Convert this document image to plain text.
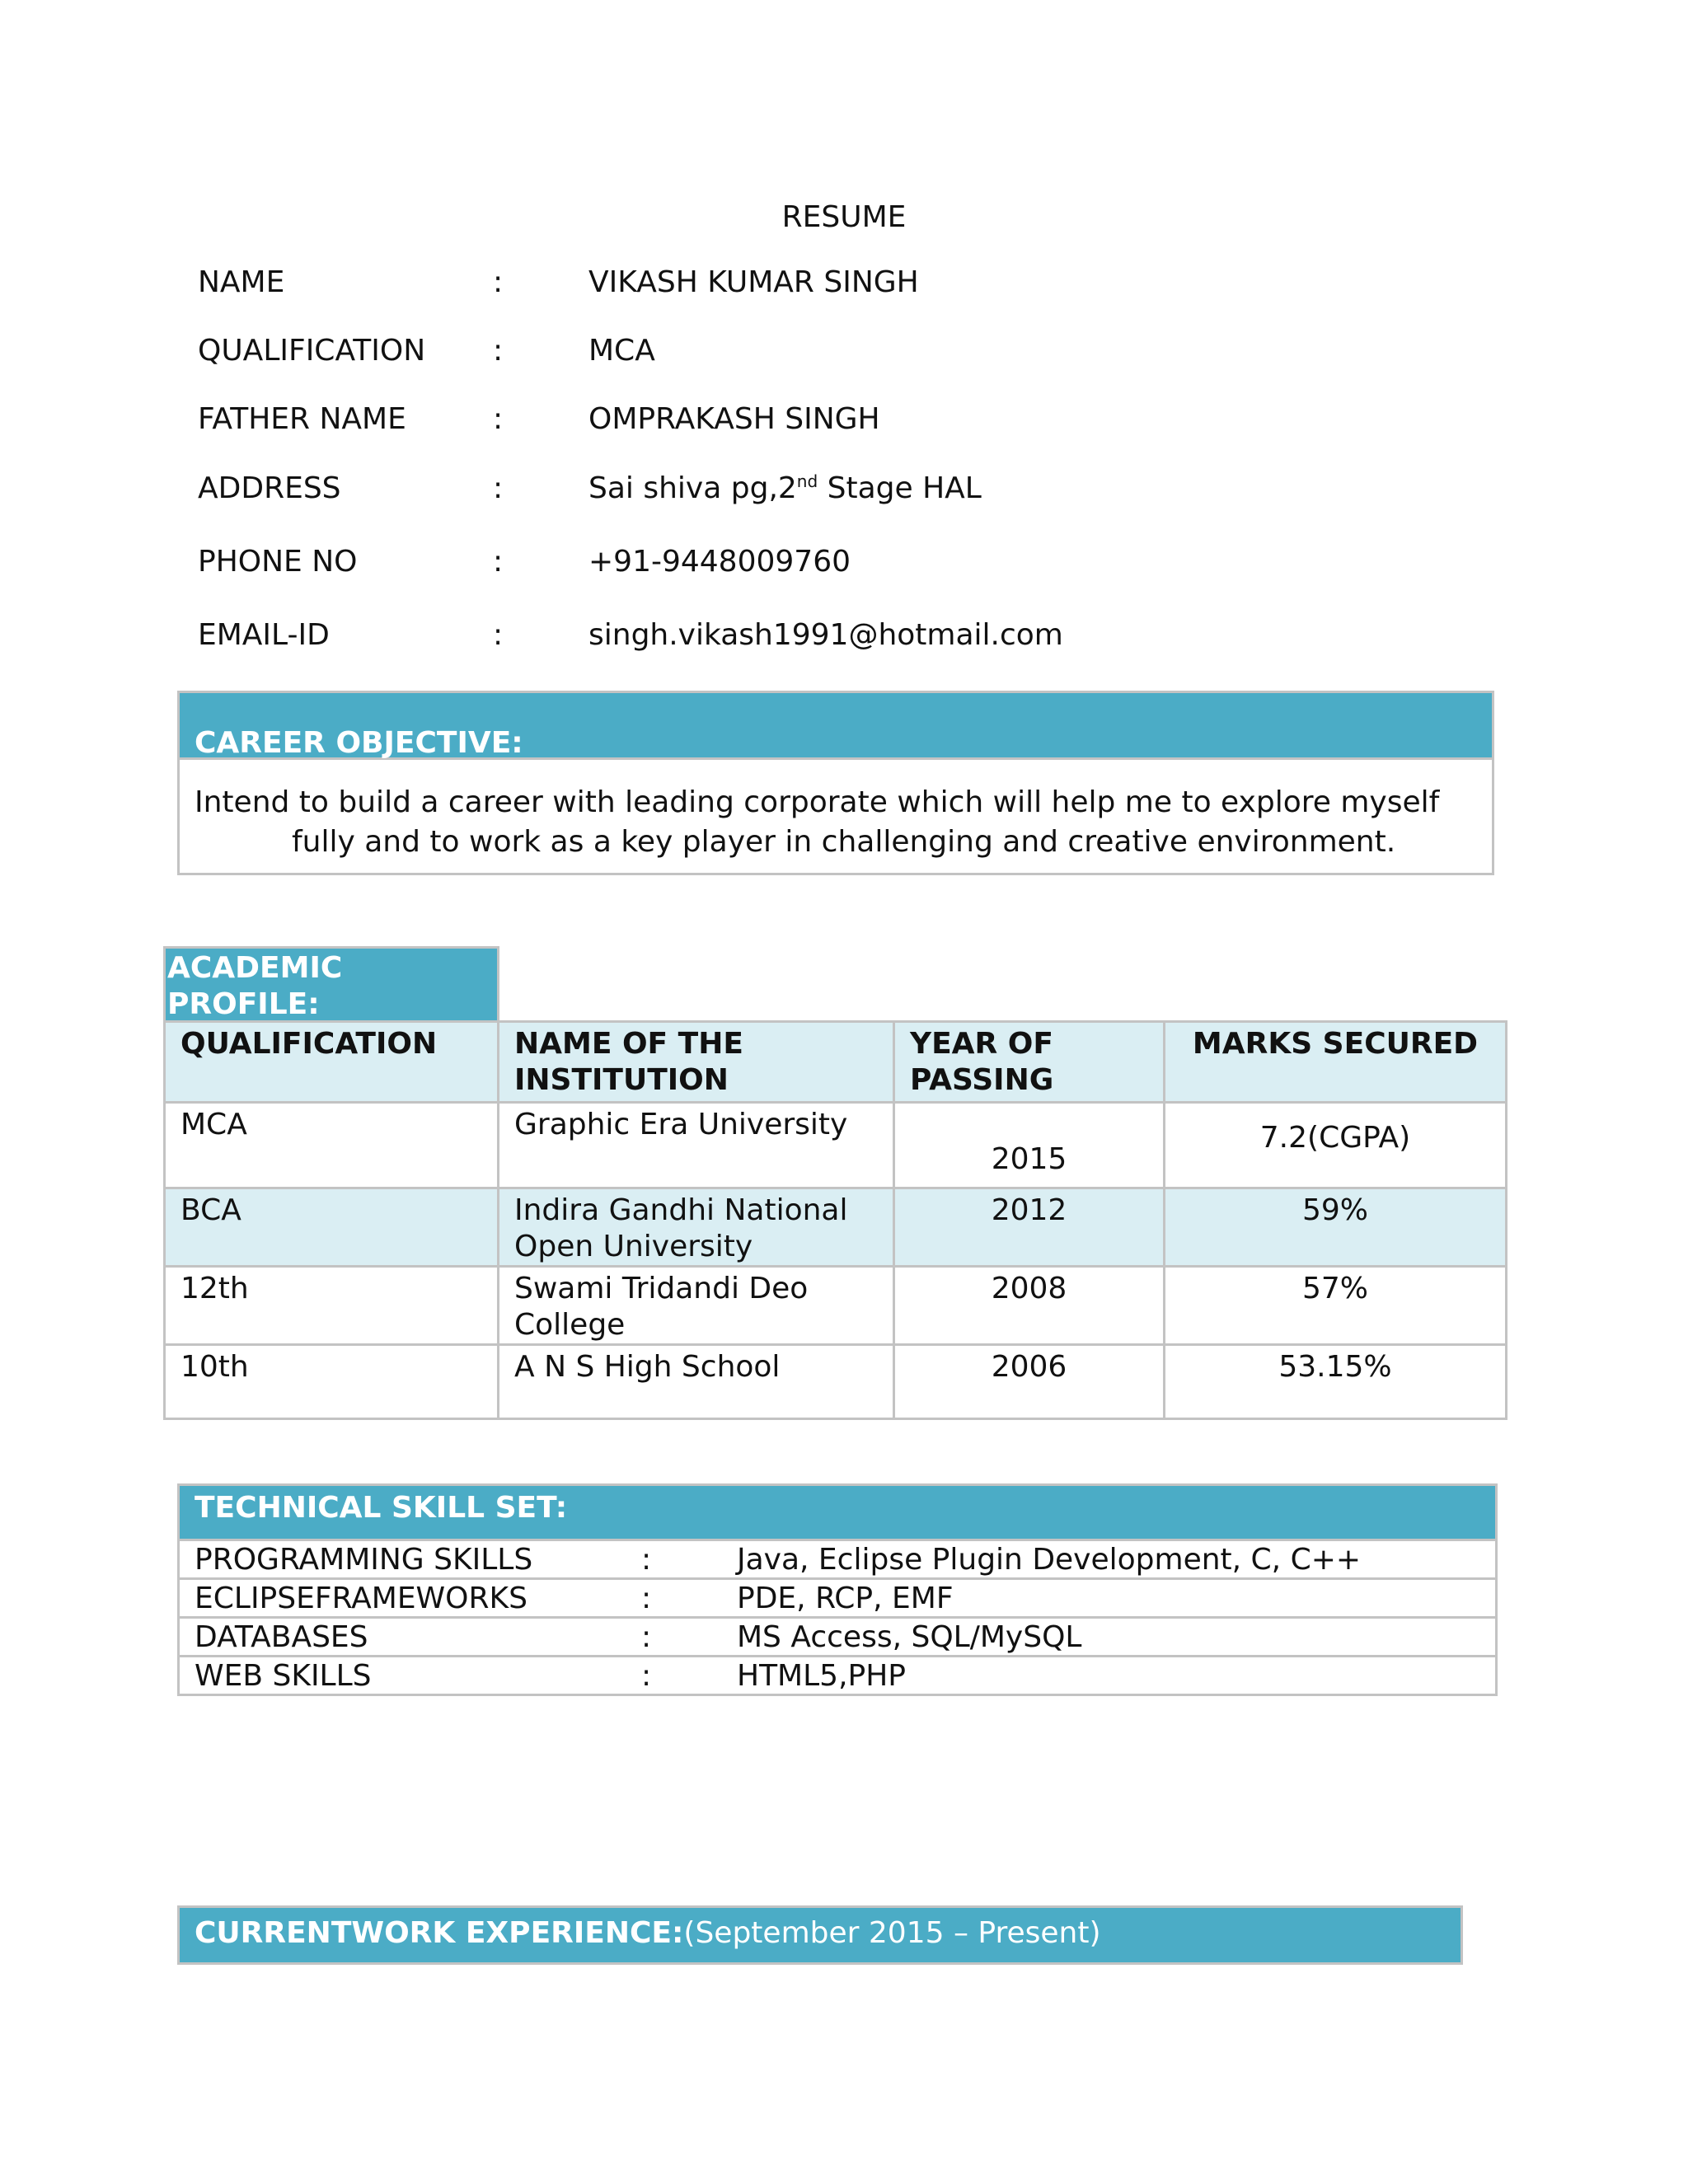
RESUME
NAME	:	VIKASH KUMAR SINGH
QUALIFICATION :	MCA
FATHER NAME	:	OMPRAKASH SINGH
ADDRESS	:	Sai shiva pg,2nd Stage HAL
PHONE NO	:	+91-9448009760
EMAIL-ID	:	singh.vikash1991@hotmail.com
CAREER OBJECTIVE:
Intend to build a career with leading corporate which will help me to explore myself
fully and to work as a key player in challenging and creative environment.
ACADEMIC
PROFILE:
QUALIFICATION	NAME OF THE INSTITUTION	YEAR OF PASSING	MARKS SECURED
MCA	Graphic Era University	2015	7.2(CGPA)
BCA	Indira Gandhi National Open University	2012	59%
12th	Swami Tridandi Deo College	2008	57%
10th	A N S High School	2006	53.15%
TECHNICAL SKILL SET:
PROGRAMMING SKILLS	:	Java, Eclipse Plugin Development, C, C++
ECLIPSEFRAMEWORKS	:	PDE, RCP, EMF
DATABASES	:	MS Access, SQL/MySQL
WEB SKILLS	:	HTML5,PHP
CURRENTWORK EXPERIENCE:(September 2015 – Present)
